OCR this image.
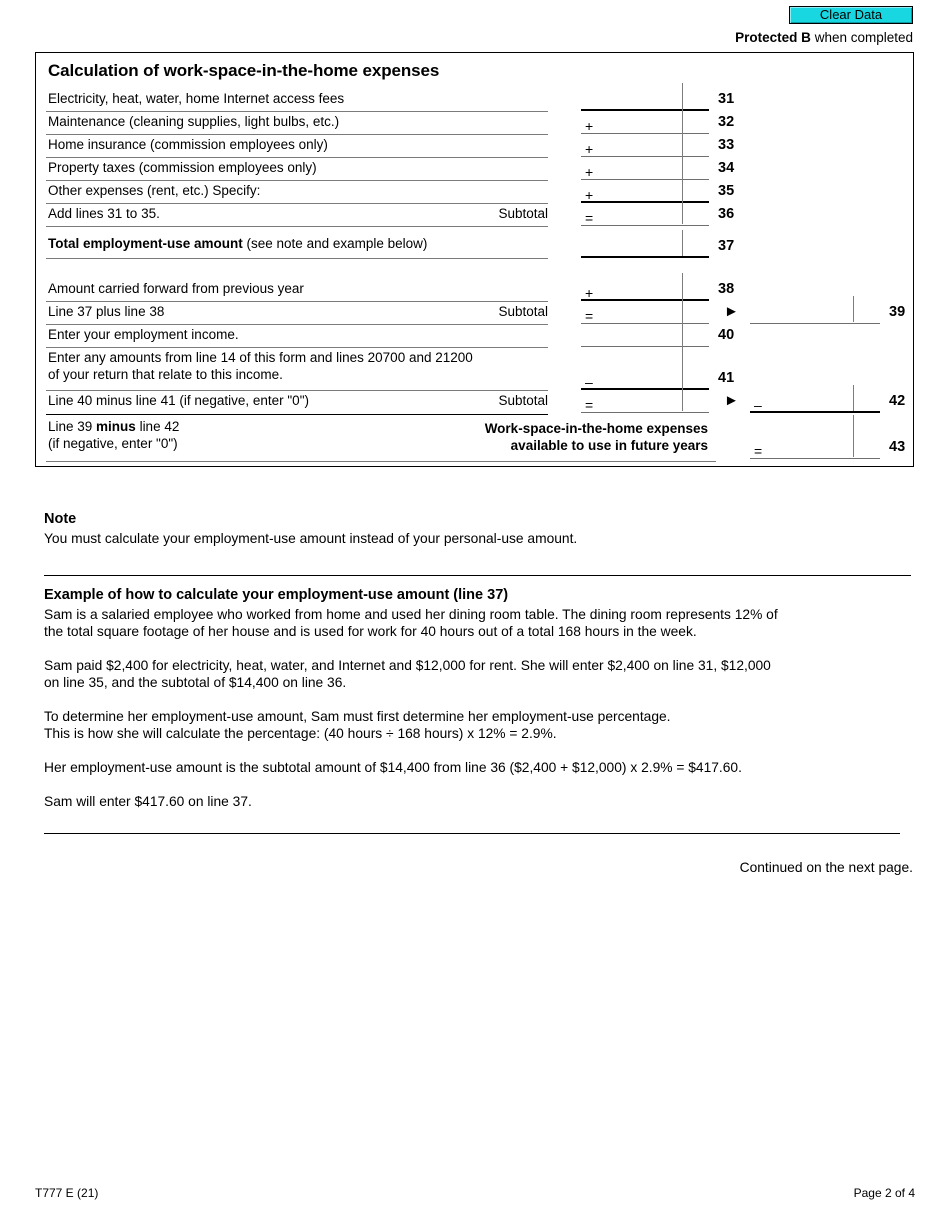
Clear Data
Protected B when completed
Calculation of work-space-in-the-home expenses
Electricity, heat, water, home Internet access fees	31
Maintenance (cleaning supplies, light bulbs, etc.)	+	32
Home insurance (commission employees only)	+	33
Property taxes (commission employees only)	+	34
Other expenses (rent, etc.) Specify:	+	35
Add lines 31 to 35.	Subtotal	=	36
Total employment-use amount (see note and example below)	37
Amount carried forward from previous year	+	38
Line 37 plus line 38	Subtotal	=	►	39
Enter your employment income.	40
Enter any amounts from line 14 of this form and lines 20700 and 21200
of your return that relate to this income.	–	41
Line 40 minus line 41 (if negative, enter "0")	Subtotal	=	► –	42
Line 39 minus line 42
(if negative, enter "0")
Work-space-in-the-home expenses
available to use in future years	=	43
Note

You must calculate your employment-use amount instead of your personal-use amount.

Example of how to calculate your employment-use amount (line 37)

Sam is a salaried employee who worked from home and used her dining room table. The dining room represents 12% of

the total square footage of her house and is used for work for 40 hours out of a total 168 hours in the week.

Sam paid $2,400 for electricity, heat, water, and Internet and $12,000 for rent. She will enter $2,400 on line 31, $12,000

on line 35, and the subtotal of $14,400 on line 36.

To determine her employment-use amount, Sam must first determine her employment-use percentage.

This is how she will calculate the percentage: (40 hours ÷ 168 hours) x 12% = 2.9%.

Her employment-use amount is the subtotal amount of $14,400 from line 36 ($2,400 + $12,000) x 2.9% = $417.60.

Sam will enter $417.60 on line 37.

Continued on the next page.
T777 E (21)	Page 2 of 4
